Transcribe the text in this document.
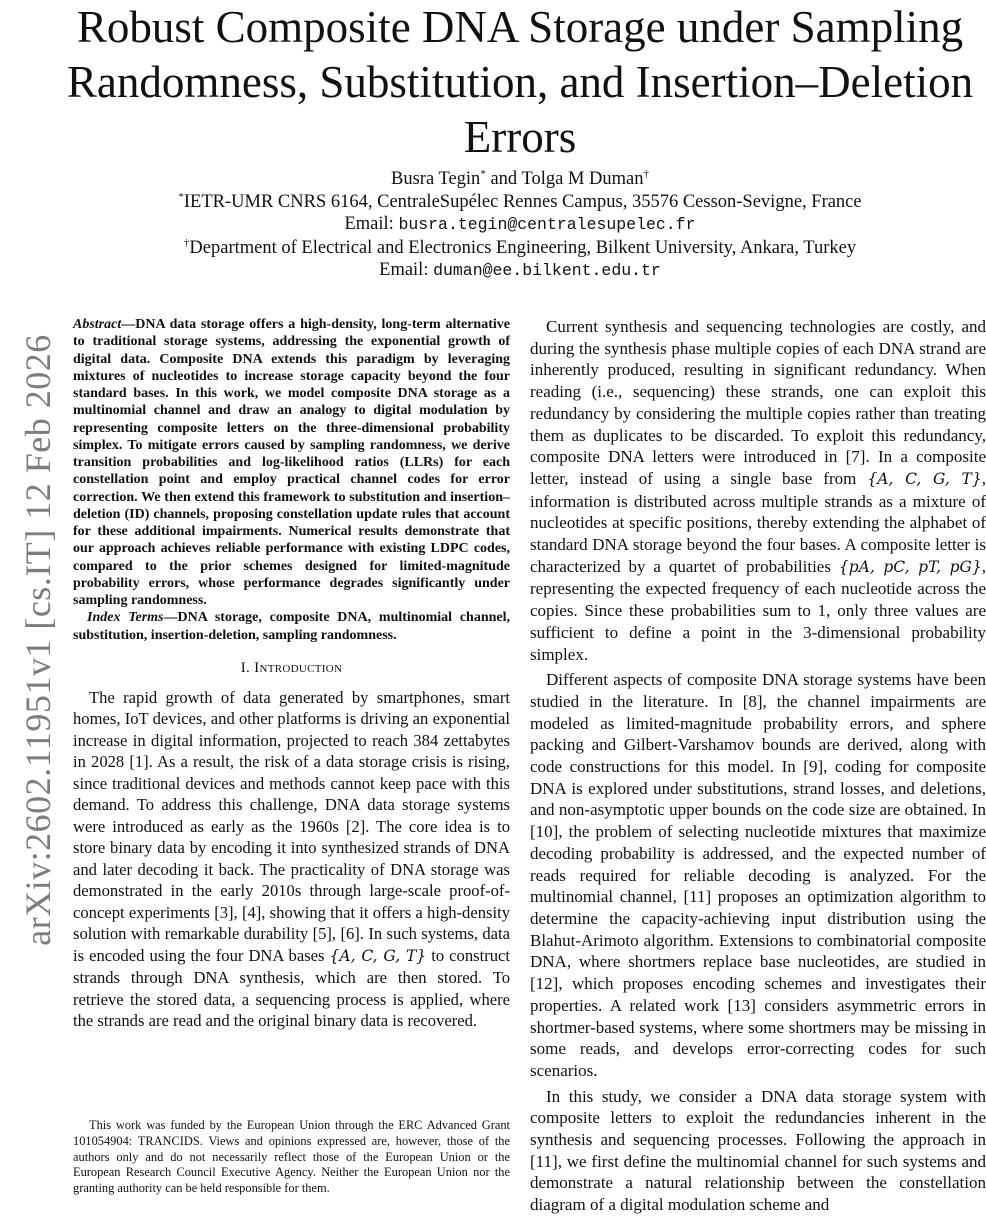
arXiv:2602.11951v1 [cs.IT] 12 Feb 2026
Robust Composite DNA Storage under Sampling Randomness, Substitution, and Insertion–Deletion Errors
Busra Tegin* and Tolga M Duman†
*IETR-UMR CNRS 6164, CentraleSupélec Rennes Campus, 35576 Cesson-Sevigne, France
Email: busra.tegin@centralesupelec.fr
†Department of Electrical and Electronics Engineering, Bilkent University, Ankara, Turkey
Email: duman@ee.bilkent.edu.tr

Abstract—DNA data storage offers a high-density, long-term alternative to traditional storage systems, addressing the exponential growth of digital data. Composite DNA extends this paradigm by leveraging mixtures of nucleotides to increase storage capacity beyond the four standard bases. In this work, we model composite DNA storage as a multinomial channel and draw an analogy to digital modulation by representing composite letters on the three-dimensional probability simplex. To mitigate errors caused by sampling randomness, we derive transition probabilities and log-likelihood ratios (LLRs) for each constellation point and employ practical channel codes for error correction. We then extend this framework to substitution and insertion–deletion (ID) channels, proposing constellation update rules that account for these additional impairments. Numerical results demonstrate that our approach achieves reliable performance with existing LDPC codes, compared to the prior schemes designed for limited-magnitude probability errors, whose performance degrades significantly under sampling randomness.

Index Terms—DNA storage, composite DNA, multinomial channel, substitution, insertion-deletion, sampling randomness.

I. Introduction

The rapid growth of data generated by smartphones, smart homes, IoT devices, and other platforms is driving an exponential increase in digital information, projected to reach 384 zettabytes in 2028 [1]. As a result, the risk of a data storage crisis is rising, since traditional devices and methods cannot keep pace with this demand. To address this challenge, DNA data storage systems were introduced as early as the 1960s [2]. The core idea is to store binary data by encoding it into synthesized strands of DNA and later decoding it back. The practicality of DNA storage was demonstrated in the early 2010s through large-scale proof-of-concept experiments [3], [4], showing that it offers a high-density solution with remarkable durability [5], [6]. In such systems, data is encoded using the four DNA bases {A, C, G, T} to construct strands through DNA synthesis, which are then stored. To retrieve the stored data, a sequencing process is applied, where the strands are read and the original binary data is recovered.

This work was funded by the European Union through the ERC Advanced Grant 101054904: TRANCIDS. Views and opinions expressed are, however, those of the authors only and do not necessarily reflect those of the European Union or the European Research Council Executive Agency. Neither the European Union nor the granting authority can be held responsible for them.

Current synthesis and sequencing technologies are costly, and during the synthesis phase multiple copies of each DNA strand are inherently produced, resulting in significant redundancy. When reading (i.e., sequencing) these strands, one can exploit this redundancy by considering the multiple copies rather than treating them as duplicates to be discarded. To exploit this redundancy, composite DNA letters were introduced in [7]. In a composite letter, instead of using a single base from {A, C, G, T}, information is distributed across multiple strands as a mixture of nucleotides at specific positions, thereby extending the alphabet of standard DNA storage beyond the four bases. A composite letter is characterized by a quartet of probabilities {pA, pC, pT, pG}, representing the expected frequency of each nucleotide across the copies. Since these probabilities sum to 1, only three values are sufficient to define a point in the 3-dimensional probability simplex.

Different aspects of composite DNA storage systems have been studied in the literature. In [8], the channel impairments are modeled as limited-magnitude probability errors, and sphere packing and Gilbert-Varshamov bounds are derived, along with code constructions for this model. In [9], coding for composite DNA is explored under substitutions, strand losses, and deletions, and non-asymptotic upper bounds on the code size are obtained. In [10], the problem of selecting nucleotide mixtures that maximize decoding probability is addressed, and the expected number of reads required for reliable decoding is analyzed. For the multinomial channel, [11] proposes an optimization algorithm to determine the capacity-achieving input distribution using the Blahut-Arimoto algorithm. Extensions to combinatorial composite DNA, where shortmers replace base nucleotides, are studied in [12], which proposes encoding schemes and investigates their properties. A related work [13] considers asymmetric errors in shortmer-based systems, where some shortmers may be missing in some reads, and develops error-correcting codes for such scenarios.

In this study, we consider a DNA data storage system with composite letters to exploit the redundancies inherent in the synthesis and sequencing processes. Following the approach in [11], we first define the multinomial channel for such systems and demonstrate a natural relationship between the constellation diagram of a digital modulation scheme and
